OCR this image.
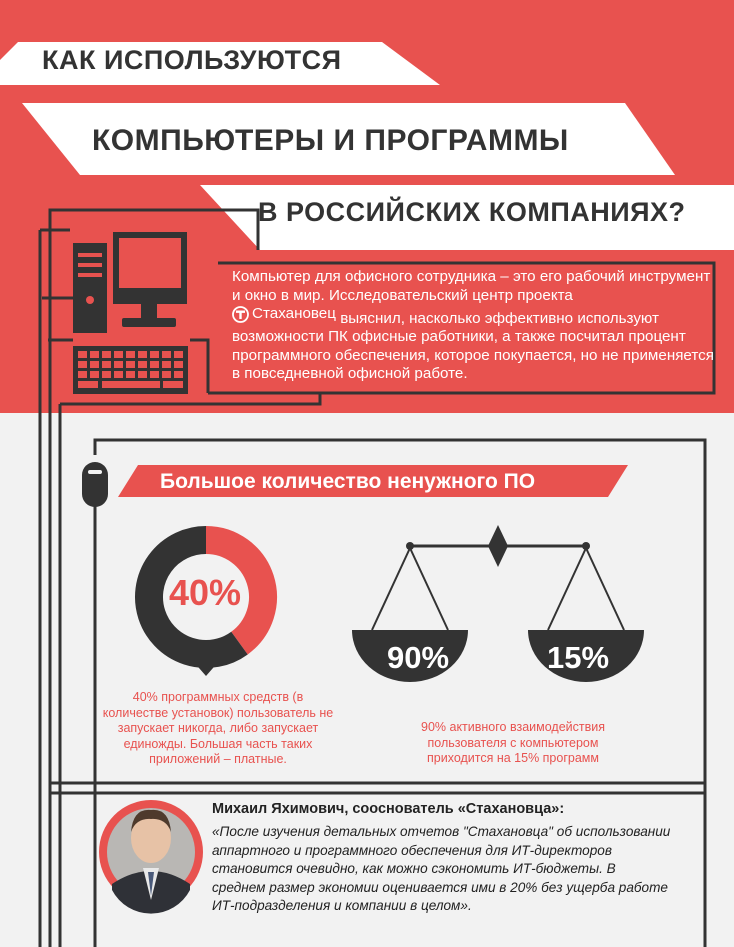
КАК ИСПОЛЬЗУЮТСЯ
КОМПЬЮТЕРЫ И ПРОГРАММЫ
В РОССИЙСКИХ КОМПАНИЯХ?
Компьютер для офисного сотрудника – это его рабочий инструмент и окно в мир. Исследовательский центр проекта

Стахановец выяснил, насколько эффективно используют возможности ПК офисные работники, а также посчитал процент программного обеспечения, которое покупается, но не применяется в повседневной офисной работе.
Большое количество ненужного ПО
40%
40% программных средств (в количестве установок) пользователь не запускает никогда, либо запускает единожды. Большая часть таких приложений – платные.
90%	15%
90% активного взаимодействия пользователя с компьютером приходится на 15% программ
Михаил Яхимович, сооснователь «Стахановца»:
«После изучения детальных отчетов "Стахановца" об использовании аппартного и программного обеспечения для ИТ-директоров становится очевидно, как можно сэкономить ИТ-бюджеты. В среднем размер экономии оценивается ими в 20% без ущерба работе ИТ-подразделения и компании в целом».
